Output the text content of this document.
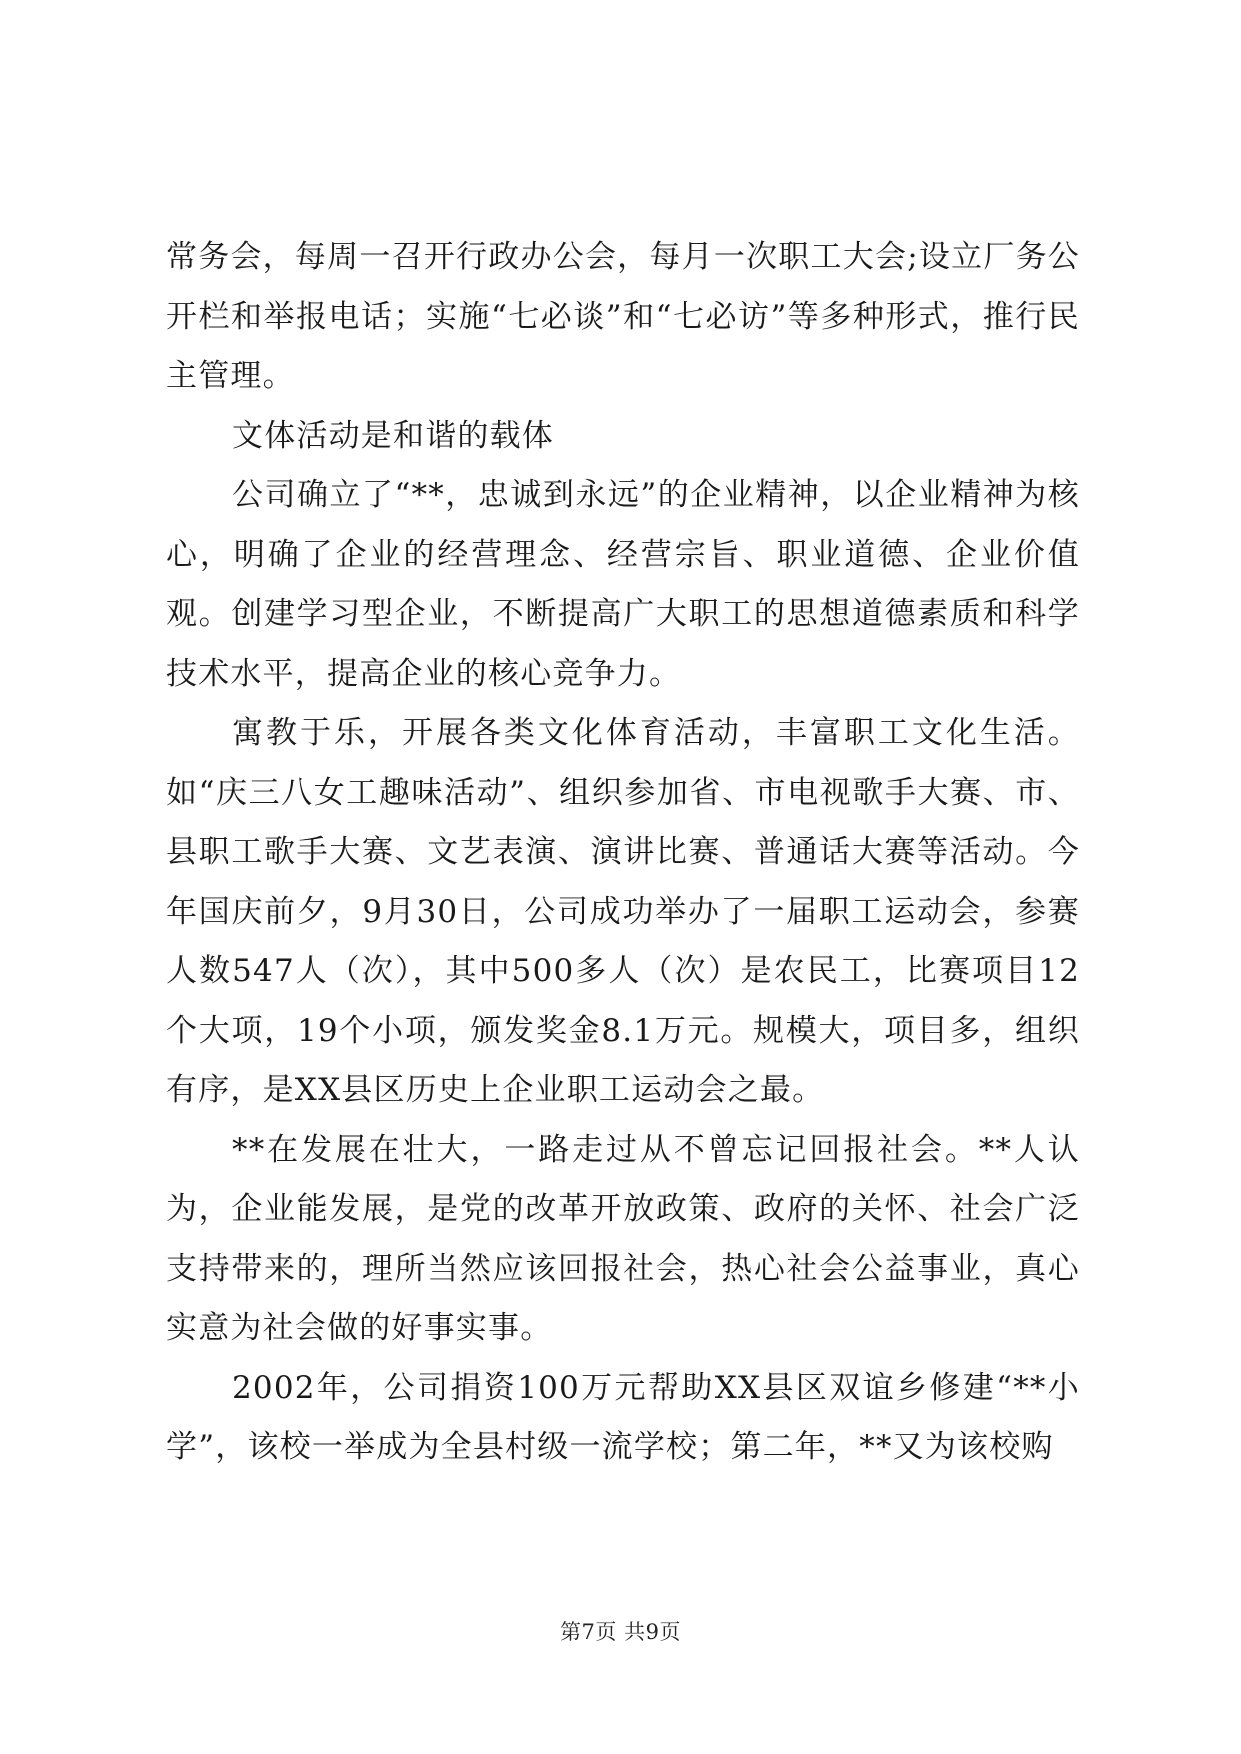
常务会，每周一召开行政办公会，每月一次职工大会;设立厂务公开栏和举报电话；实施“七必谈”和“七必访”等多种形式，推行民主管理。

文体活动是和谐的载体

公司确立了“**，忠诚到永远”的企业精神，以企业精神为核心，明确了企业的经营理念、经营宗旨、职业道德、企业价值观。创建学习型企业，不断提高广大职工的思想道德素质和科学技术水平，提高企业的核心竞争力。

寓教于乐，开展各类文化体育活动，丰富职工文化生活。如“庆三八女工趣味活动”、组织参加省、市电视歌手大赛、市、县职工歌手大赛、文艺表演、演讲比赛、普通话大赛等活动。今年国庆前夕，9月30日，公司成功举办了一届职工运动会，参赛人数547人（次），其中500多人（次）是农民工，比赛项目12个大项，19个小项，颁发奖金8.1万元。规模大，项目多，组织有序，是XX县区历史上企业职工运动会之最。

**在发展在壮大，一路走过从不曾忘记回报社会。**人认为，企业能发展，是党的改革开放政策、政府的关怀、社会广泛支持带来的，理所当然应该回报社会，热心社会公益事业，真心实意为社会做的好事实事。

2002年，公司捐资100万元帮助XX县区双谊乡修建“**小学”，该校一举成为全县村级一流学校；第二年，**又为该校购

第7页 共9页
